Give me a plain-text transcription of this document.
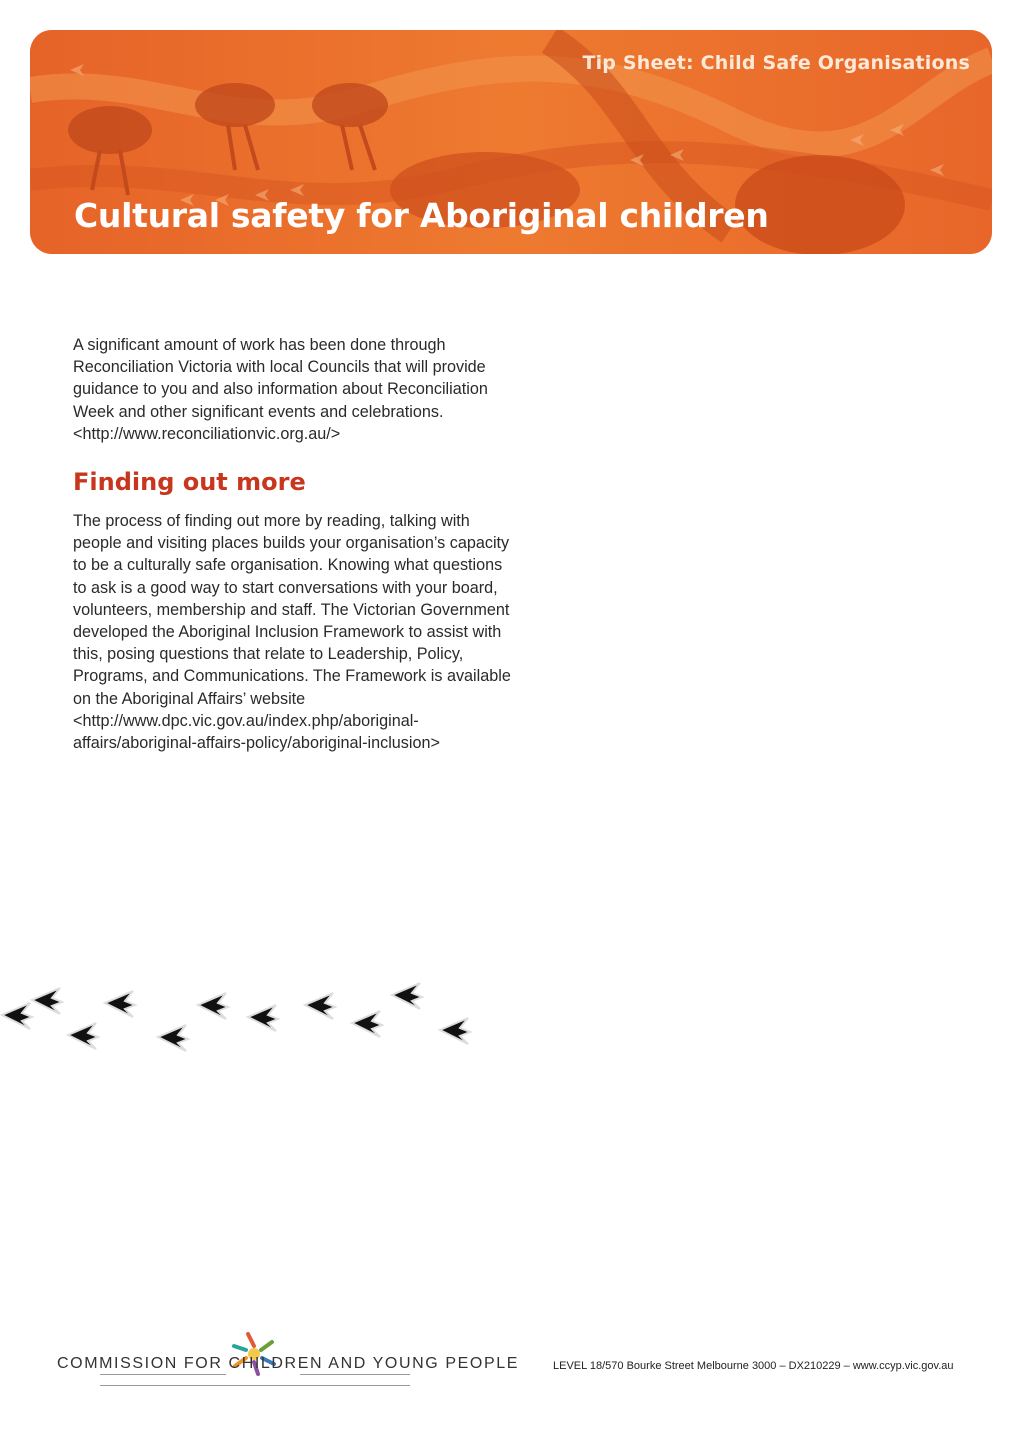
Tip Sheet: Child Safe Organisations
Cultural safety for Aboriginal children

A significant amount of work has been done through Reconciliation Victoria with local Councils that will provide guidance to you and also information about Reconciliation Week and other significant events and celebrations. <http://www.reconciliationvic.org.au/>

Finding out more

The process of finding out more by reading, talking with people and visiting places builds your organisation’s capacity to be a culturally safe organisation. Knowing what questions to ask is a good way to start conversations with your board, volunteers, membership and staff. The Victorian Government developed the Aboriginal Inclusion Framework to assist with this, posing questions that relate to Leadership, Policy, Programs, and Communications. The Framework is available on the Aboriginal Affairs’ website <http://www.dpc.vic.gov.au/index.php/aboriginal-affairs/aboriginal-affairs-policy/aboriginal-inclusion>

COMMISSION FOR CHILDREN AND YOUNG PEOPLE	LEVEL 18/570 Bourke Street Melbourne 3000 – DX210229 – www.ccyp.vic.gov.au
